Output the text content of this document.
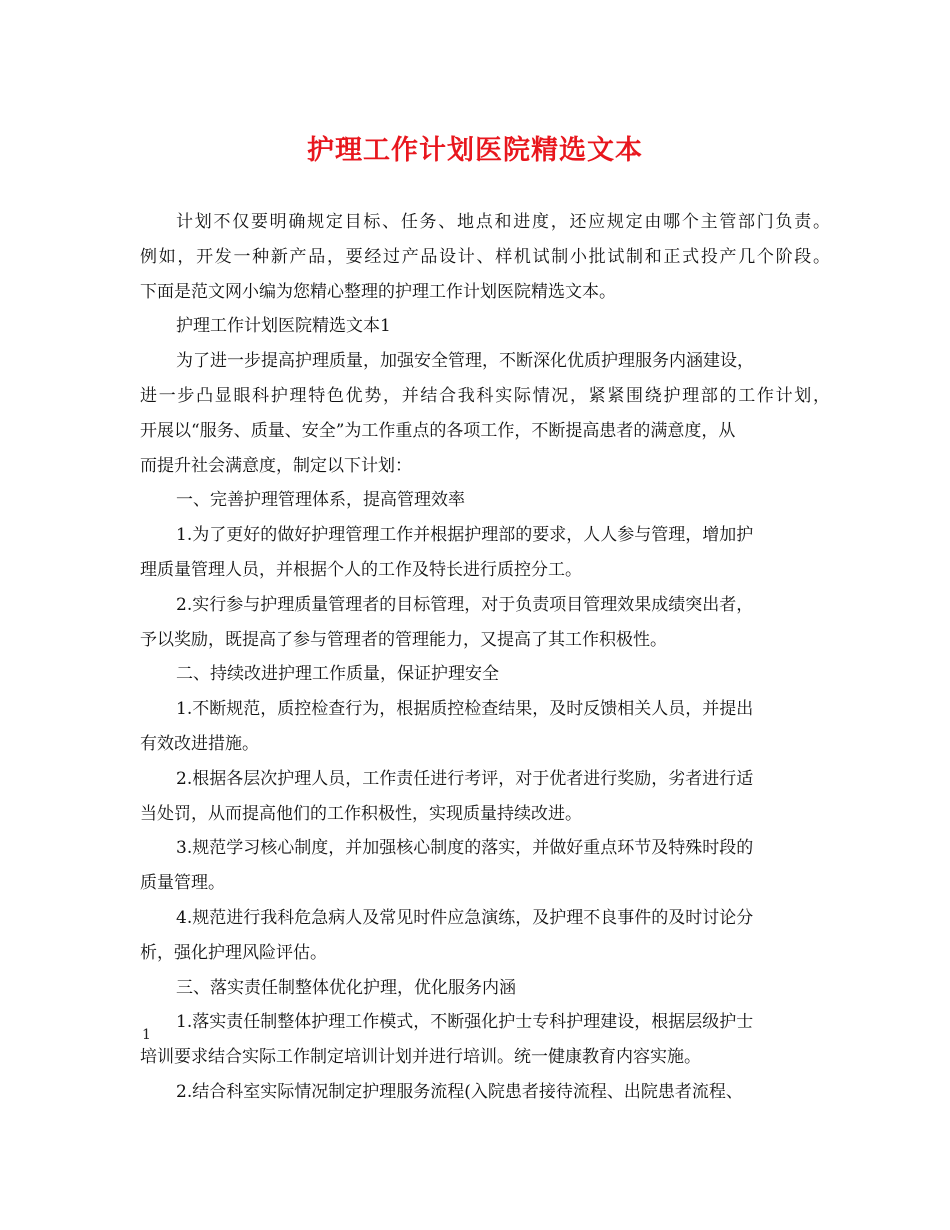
护理工作计划医院精选文本
计划不仅要明确规定目标、任务、地点和进度，还应规定由哪个主管部门负责。
例如，开发一种新产品，要经过产品设计、样机试制小批试制和正式投产几个阶段。
下面是范文网小编为您精心整理的护理工作计划医院精选文本。
护理工作计划医院精选文本1
为了进一步提高护理质量，加强安全管理，不断深化优质护理服务内涵建设，
进一步凸显眼科护理特色优势，并结合我科实际情况，紧紧围绕护理部的工作计划，
开展以“服务、质量、安全”为工作重点的各项工作，不断提高患者的满意度，从
而提升社会满意度，制定以下计划：
一、完善护理管理体系，提高管理效率
1.为了更好的做好护理管理工作并根据护理部的要求，人人参与管理，增加护
理质量管理人员，并根据个人的工作及特长进行质控分工。
2.实行参与护理质量管理者的目标管理，对于负责项目管理效果成绩突出者，
予以奖励，既提高了参与管理者的管理能力，又提高了其工作积极性。
二、持续改进护理工作质量，保证护理安全
1.不断规范，质控检查行为，根据质控检查结果，及时反馈相关人员，并提出
有效改进措施。
2.根据各层次护理人员，工作责任进行考评，对于优者进行奖励，劣者进行适
当处罚，从而提高他们的工作积极性，实现质量持续改进。
3.规范学习核心制度，并加强核心制度的落实，并做好重点环节及特殊时段的
质量管理。
4.规范进行我科危急病人及常见时件应急演练，及护理不良事件的及时讨论分
析，强化护理风险评估。
三、落实责任制整体优化护理，优化服务内涵
1.落实责任制整体护理工作模式，不断强化护士专科护理建设，根据层级护士
培训要求结合实际工作制定培训计划并进行培训。统一健康教育内容实施。
2.结合科室实际情况制定护理服务流程(入院患者接待流程、出院患者流程、
1
